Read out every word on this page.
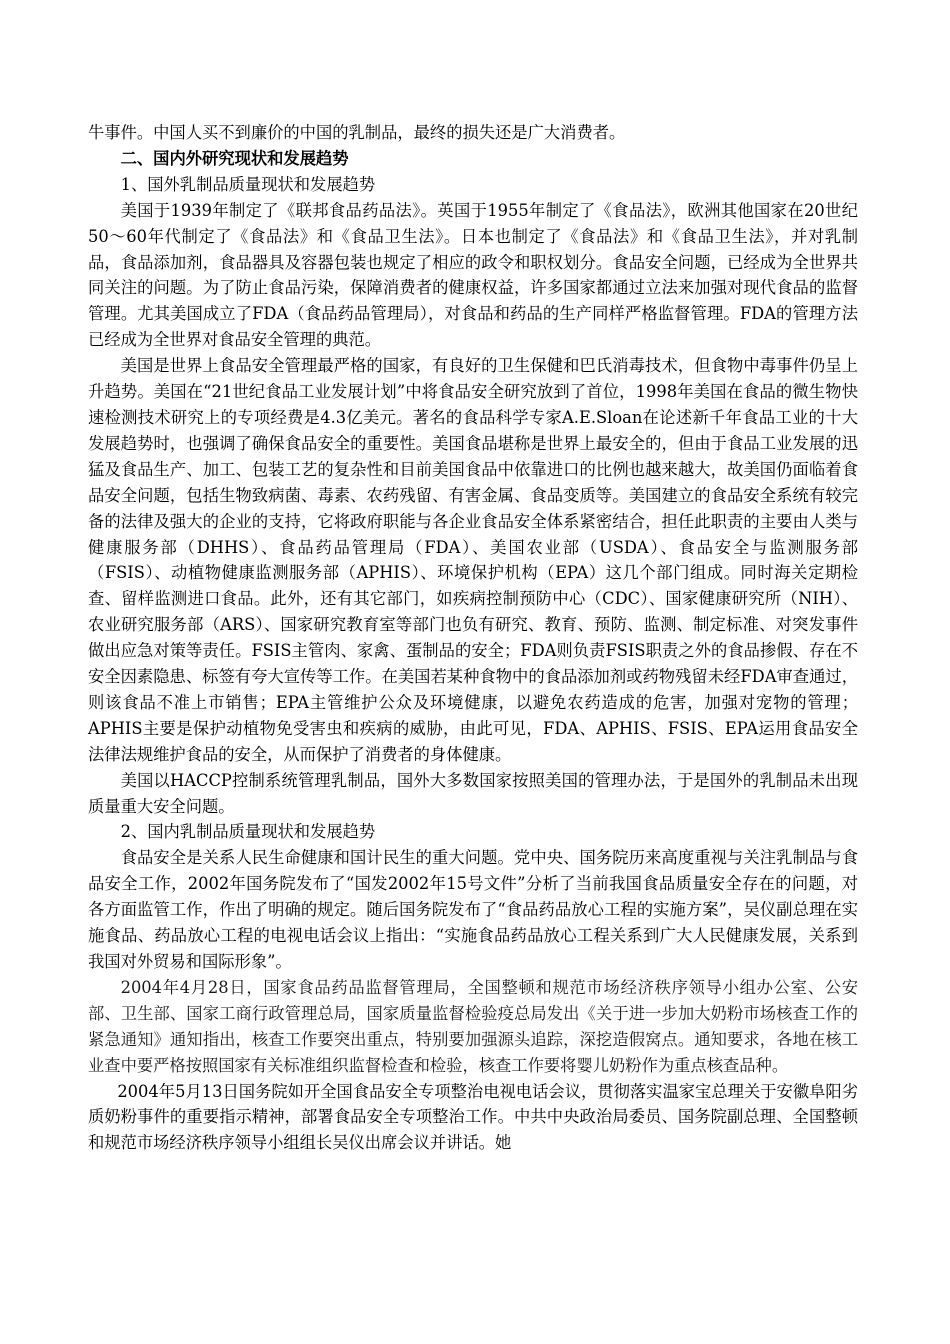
牛事件。中国人买不到廉价的中国的乳制品，最终的损失还是广大消费者。

二、国内外研究现状和发展趋势

1、国外乳制品质量现状和发展趋势

美国于1939年制定了《联邦食品药品法》。英国于1955年制定了《食品法》，欧洲其他国家在20世纪50～60年代制定了《食品法》和《食品卫生法》。日本也制定了《食品法》和《食品卫生法》，并对乳制品，食品添加剂，食品器具及容器包装也规定了相应的政令和职权划分。食品安全问题，已经成为全世界共同关注的问题。为了防止食品污染，保障消费者的健康权益，许多国家都通过立法来加强对现代食品的监督管理。尤其美国成立了FDA（食品药品管理局），对食品和药品的生产同样严格监督管理。FDA的管理方法已经成为全世界对食品安全管理的典范。

美国是世界上食品安全管理最严格的国家，有良好的卫生保健和巴氏消毒技术，但食物中毒事件仍呈上升趋势。美国在“21世纪食品工业发展计划”中将食品安全研究放到了首位，1998年美国在食品的微生物快速检测技术研究上的专项经费是4.3亿美元。著名的食品科学专家A.E.Sloan在论述新千年食品工业的十大发展趋势时，也强调了确保食品安全的重要性。美国食品堪称是世界上最安全的，但由于食品工业发展的迅猛及食品生产、加工、包装工艺的复杂性和目前美国食品中依靠进口的比例也越来越大，故美国仍面临着食品安全问题，包括生物致病菌、毒素、农药残留、有害金属、食品变质等。美国建立的食品安全系统有较完备的法律及强大的企业的支持，它将政府职能与各企业食品安全体系紧密结合，担任此职责的主要由人类与健康服务部（DHHS）、食品药品管理局（FDA）、美国农业部（USDA）、食品安全与监测服务部（FSIS）、动植物健康监测服务部（APHIS）、环境保护机构（EPA）这几个部门组成。同时海关定期检查、留样监测进口食品。此外，还有其它部门，如疾病控制预防中心（CDC）、国家健康研究所（NIH）、农业研究服务部（ARS）、国家研究教育室等部门也负有研究、教育、预防、监测、制定标准、对突发事件做出应急对策等责任。FSIS主管肉、家禽、蛋制品的安全；FDA则负责FSIS职责之外的食品掺假、存在不安全因素隐患、标签有夸大宣传等工作。在美国若某种食物中的食品添加剂或药物残留未经FDA审查通过，则该食品不准上市销售；EPA主管维护公众及环境健康，以避免农药造成的危害，加强对宠物的管理；APHIS主要是保护动植物免受害虫和疾病的威胁，由此可见，FDA、APHIS、FSIS、EPA运用食品安全法律法规维护食品的安全，从而保护了消费者的身体健康。

美国以HACCP控制系统管理乳制品，国外大多数国家按照美国的管理办法，于是国外的乳制品未出现质量重大安全问题。

2、国内乳制品质量现状和发展趋势

食品安全是关系人民生命健康和国计民生的重大问题。党中央、国务院历来高度重视与关注乳制品与食品安全工作，2002年国务院发布了“国发2002年15号文件”分析了当前我国食品质量安全存在的问题，对各方面监管工作，作出了明确的规定。随后国务院发布了“食品药品放心工程的实施方案”，吴仪副总理在实施食品、药品放心工程的电视电话会议上指出：“实施食品药品放心工程关系到广大人民健康发展，关系到我国对外贸易和国际形象”。

2004年4月28日，国家食品药品监督管理局，全国整顿和规范市场经济秩序领导小组办公室、公安部、卫生部、国家工商行政管理总局，国家质量监督检验疫总局发出《关于进一步加大奶粉市场核查工作的紧急通知》通知指出，核查工作要突出重点，特别要加强源头追踪，深挖造假窝点。通知要求，各地在核工业查中要严格按照国家有关标准组织监督检查和检验，核查工作要将婴儿奶粉作为重点核查品种。

2004年5月13日国务院如开全国食品安全专项整治电视电话会议，贯彻落实温家宝总理关于安徽阜阳劣质奶粉事件的重要指示精神，部署食品安全专项整治工作。中共中央政治局委员、国务院副总理、全国整顿和规范市场经济秩序领导小组组长吴仪出席会议并讲话。她
